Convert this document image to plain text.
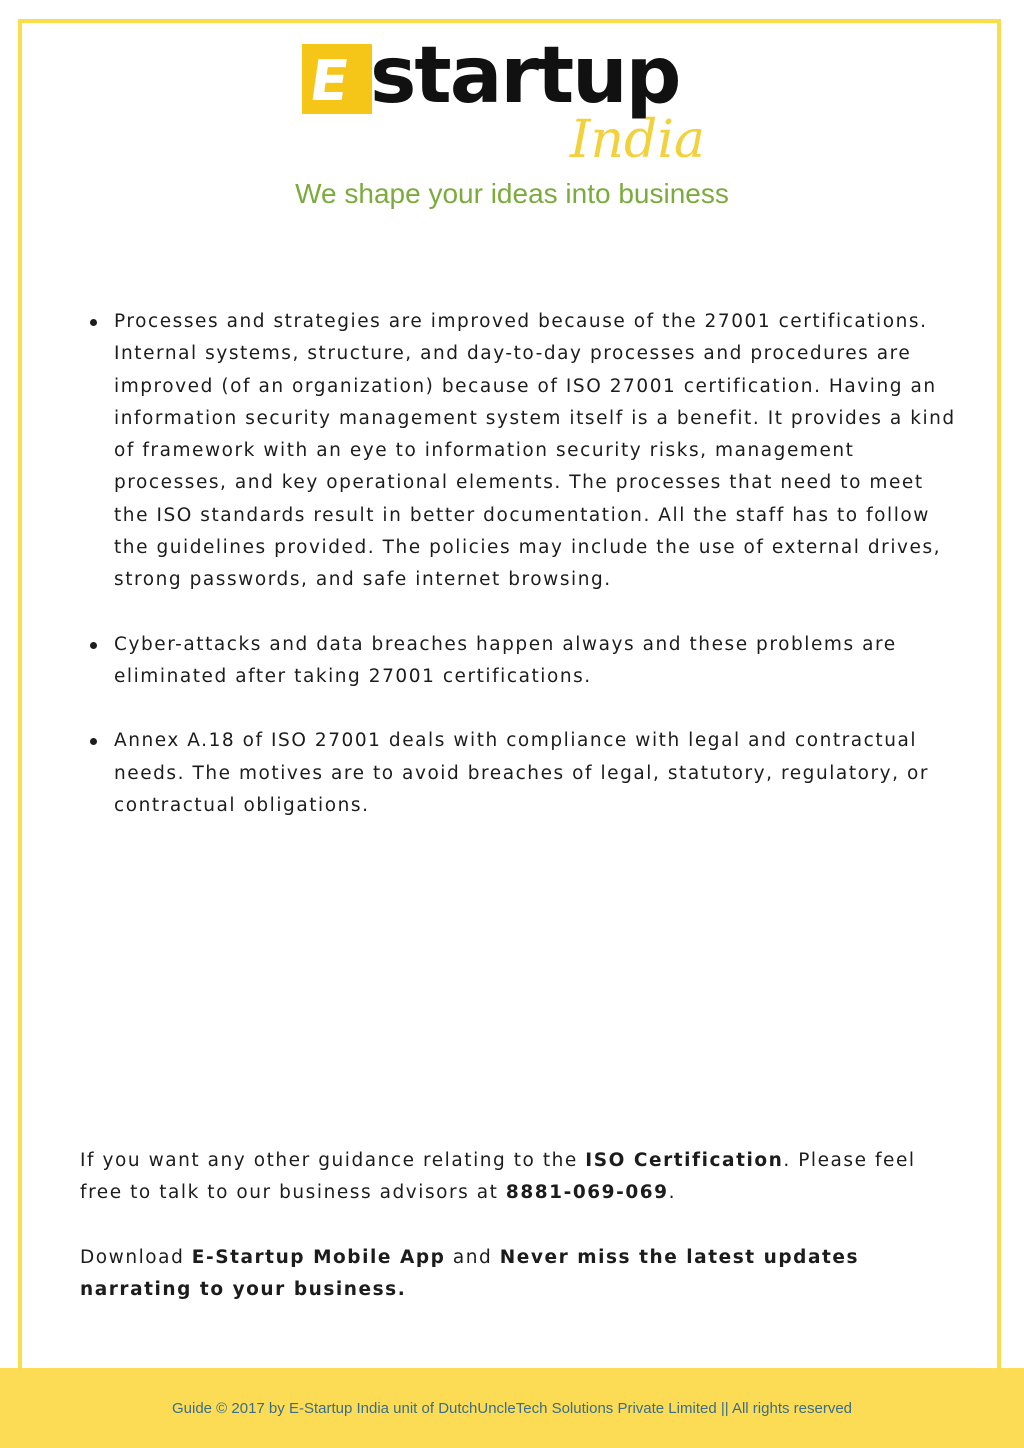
E startup
India
We shape your ideas into business
Processes and strategies are improved because of the 27001 certifications. Internal systems, structure, and day-to-day processes and procedures are improved (of an organization) because of ISO 27001 certification. Having an information security management system itself is a benefit. It provides a kind of framework with an eye to information security risks, management processes, and key operational elements. The processes that need to meet the ISO standards result in better documentation. All the staff has to follow the guidelines provided. The policies may include the use of external drives, strong passwords, and safe internet browsing.
Cyber-attacks and data breaches happen always and these problems are eliminated after taking 27001 certifications.
Annex A.18 of ISO 27001 deals with compliance with legal and contractual needs. The motives are to avoid breaches of legal, statutory, regulatory, or contractual obligations.

If you want any other guidance relating to the ISO Certification. Please feel free to talk to our business advisors at 8881-069-069.

Download E-Startup Mobile App and Never miss the latest updates narrating to your business.

Guide © 2017 by E-Startup India unit of DutchUncleTech Solutions Private Limited || All rights reserved
